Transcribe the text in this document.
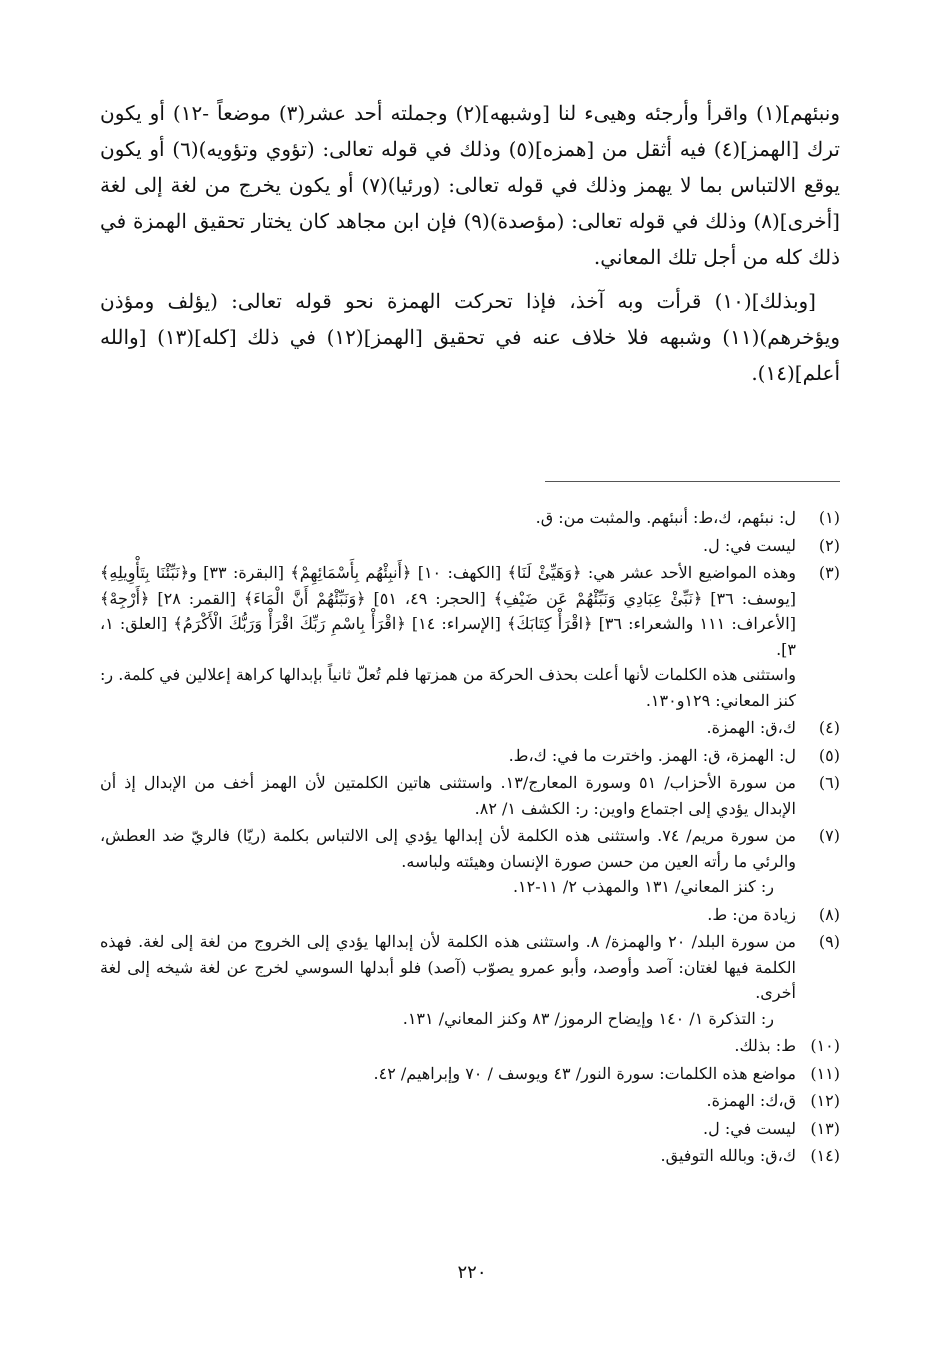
ونبئهم](١) واقرأ وأرجئه وهيىء لنا [وشبهه](٢) وجملته أحد عشر(٣) موضعاً -١٢) أو يكون ترك [الهمز](٤) فيه أثقل من [همزه](٥) وذلك في قوله تعالى: (تؤوي وتؤويه)(٦) أو يكون يوقع الالتباس بما لا يهمز وذلك في قوله تعالى: (ورئيا)(٧) أو يكون يخرج من لغة إلى لغة [أخرى](٨) وذلك في قوله تعالى: (مؤصدة)(٩) فإن ابن مجاهد كان يختار تحقيق الهمزة في ذلك كله من أجل تلك المعاني.

[وبذلك](١٠) قرأت وبه آخذ، فإذا تحركت الهمزة نحو قوله تعالى: (يؤلف ومؤذن ويؤخرهم)(١١) وشبهه فلا خلاف عنه في تحقيق [الهمز](١٢) في ذلك [كله](١٣) [والله أعلم](١٤).

(١)
ل: نبئهم، ك،ط: أنبئهم. والمثبت من: ق.
(٢)
ليست في: ل.
(٣)
وهذه المواضيع الأحد عشر هي: ﴿وَهَيِّئْ لَنَا﴾ [الكهف: ١٠] ﴿أَنبِئْهُم بِأَسْمَائِهِمْ﴾ [البقرة: ٣٣] و﴿نَبِّئْنَا بِتَأْوِيلِهِ﴾ [يوسف: ٣٦] ﴿نَبِّئْ عِبَادِي وَنَبِّئْهُمْ عَن ضَيْفِ﴾ [الحجر: ٤٩، ٥١] ﴿وَنَبِّئْهُمْ أَنَّ الْمَاءَ﴾ [القمر: ٢٨] ﴿أَرْجِهْ﴾ [الأعراف: ١١١ والشعراء: ٣٦] ﴿اقْرَأْ كِتَابَكَ﴾ [الإسراء: ١٤] ﴿اقْرَأْ بِاسْمِ رَبِّكَ اقْرَأْ وَرَبُّكَ الْأَكْرَمُ﴾ [العلق: ١، ٣].
واستثنى هذه الكلمات لأنها أعلت بحذف الحركة من همزتها فلم تُعلّ ثانياً بإبدالها كراهة إعلالين في كلمة. ر: كنز المعاني: ١٢٩و١٣٠.
(٤)
ك،ق: الهمزة.
(٥)
ل: الهمزة، ق: الهمز. واخترت ما في: ك،ط.
(٦)
من سورة الأحزاب/ ٥١ وسورة المعارج/١٣. واستثنى هاتين الكلمتين لأن الهمز أخف من الإبدال إذ أن الإبدال يؤدي إلى اجتماع واوين: ر: الكشف ١/ ٨٢.
(٧)
من سورة مريم/ ٧٤. واستثنى هذه الكلمة لأن إبدالها يؤدي إلى الالتباس بكلمة (ريّا) فالريّ ضد العطش، والرئي ما رأته العين من حسن صورة الإنسان وهيئته ولباسه.
ر: كنز المعاني/ ١٣١ والمهذب ٢/ ١١-١٢.
(٨)
زيادة من: ط.
(٩)
من سورة البلد/ ٢٠ والهمزة/ ٨. واستثنى هذه الكلمة لأن إبدالها يؤدي إلى الخروج من لغة إلى لغة. فهذه الكلمة فيها لغتان: آصد وأوصد، وأبو عمرو يصوّب (آصد) فلو أبدلها السوسي لخرج عن لغة شيخه إلى لغة أخرى.
ر: التذكرة ١/ ١٤٠ وإيضاح الرموز/ ٨٣ وكنز المعاني/ ١٣١.
(١٠)
ط: بذلك.
(١١)
مواضع هذه الكلمات: سورة النور/ ٤٣ ويوسف / ٧٠ وإبراهيم/ ٤٢.
(١٢)
ق،ك: الهمزة.
(١٣)
ليست في: ل.
(١٤)
ك،ق: وبالله التوفيق.
٢٢٠
